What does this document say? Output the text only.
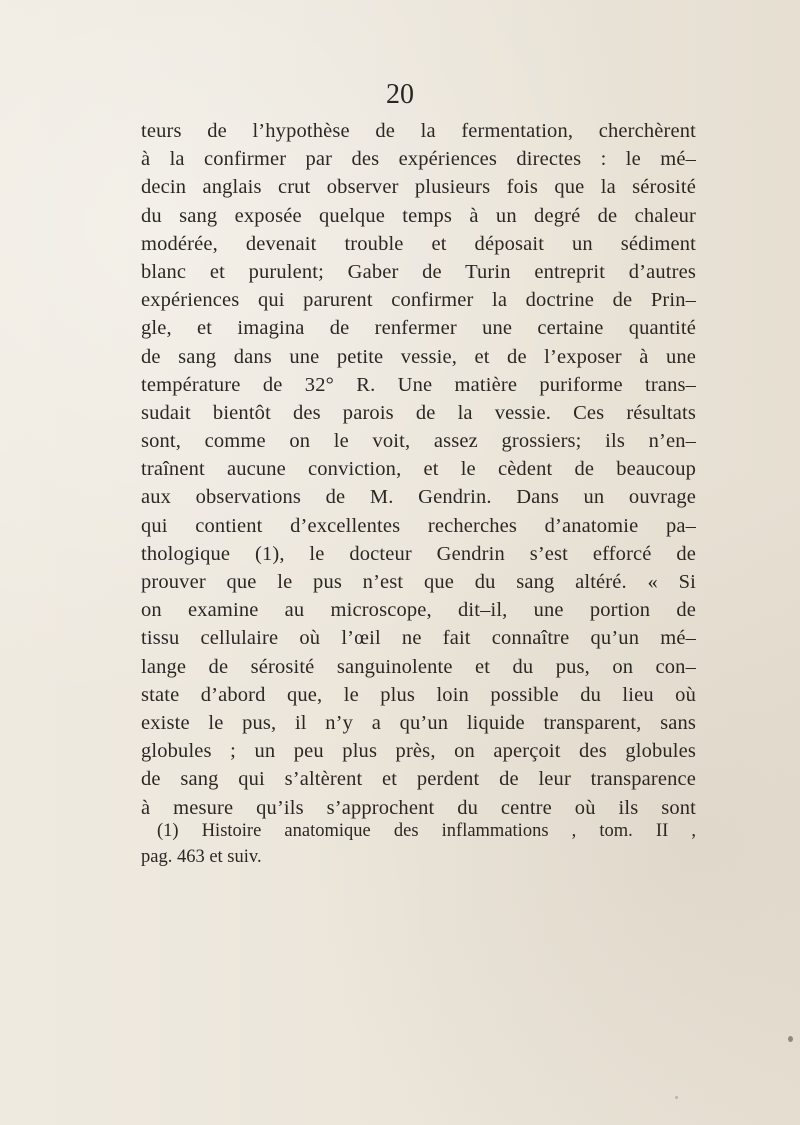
20
teurs de l’hypothèse de la fermentation, cherchèrent
à la confirmer par des expériences directes : le mé–
decin anglais crut observer plusieurs fois que la sérosité
du sang exposée quelque temps à un degré de chaleur
modérée, devenait trouble et déposait un sédiment
blanc et purulent; Gaber de Turin entreprit d’autres
expériences qui parurent confirmer la doctrine de Prin–
gle, et imagina de renfermer une certaine quantité
de sang dans une petite vessie, et de l’exposer à une
température de 32° R. Une matière puriforme trans–
sudait bientôt des parois de la vessie. Ces résultats
sont, comme on le voit, assez grossiers; ils n’en–
traînent aucune conviction, et le cèdent de beaucoup
aux observations de M. Gendrin. Dans un ouvrage
qui contient d’excellentes recherches d’anatomie pa–
thologique (1), le docteur Gendrin s’est efforcé de
prouver que le pus n’est que du sang altéré. « Si
on examine au microscope, dit–il, une portion de
tissu cellulaire où l’œil ne fait connaître qu’un mé–
lange de sérosité sanguinolente et du pus, on con–
state d’abord que, le plus loin possible du lieu où
existe le pus, il n’y a qu’un liquide transparent, sans
globules ; un peu plus près, on aperçoit des globules
de sang qui s’altèrent et perdent de leur transparence
à mesure qu’ils s’approchent du centre où ils sont
(1) Histoire anatomique des inflammations , tom. II ,
pag. 463 et suiv.
